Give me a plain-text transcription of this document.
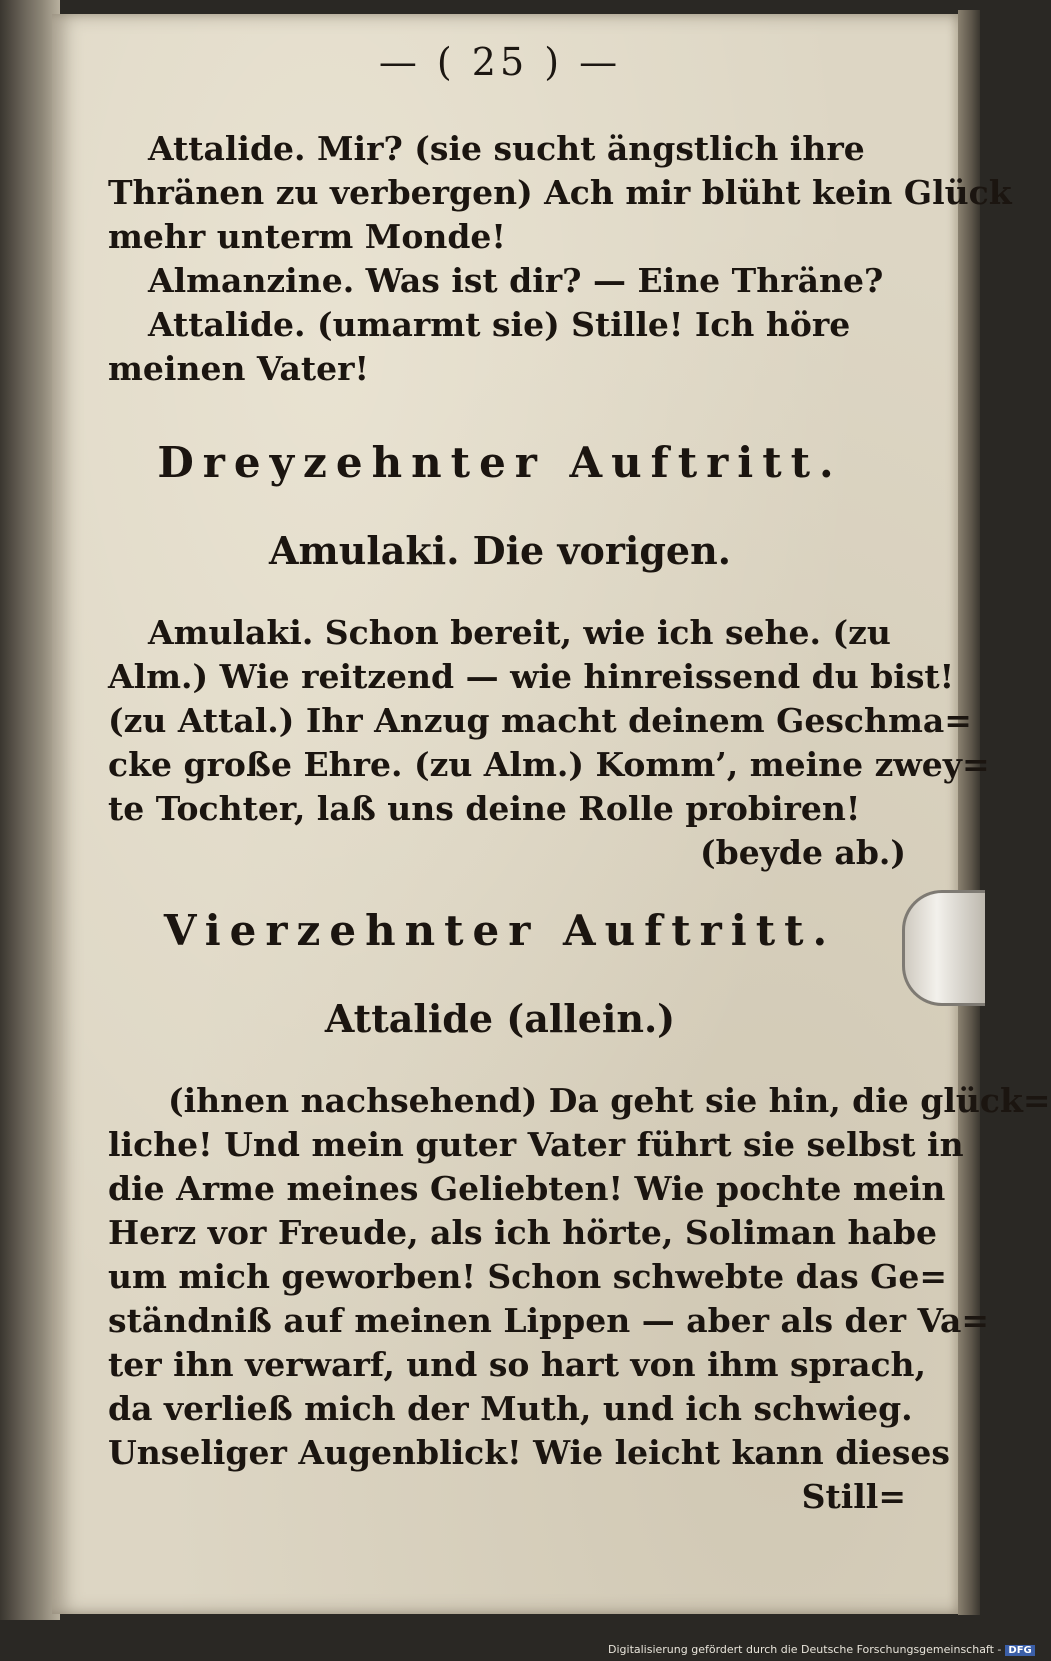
— ( 25 ) —
Attalide. Mir? (sie sucht ängstlich ihre
Thränen zu verbergen) Ach mir blüht kein Glück
mehr unterm Monde!
Almanzine. Was ist dir? — Eine Thräne?
Attalide. (umarmt sie) Stille! Ich höre
meinen Vater!
Dreyzehnter Auftritt.
Amulaki. Die vorigen.
Amulaki. Schon bereit, wie ich sehe. (zu
Alm.) Wie reitzend — wie hinreissend du bist!
(zu Attal.) Ihr Anzug macht deinem Geschma=
cke große Ehre. (zu Alm.) Komm’, meine zwey=
te Tochter, laß uns deine Rolle probiren!
(beyde ab.)
Vierzehnter Auftritt.
Attalide (allein.)
(ihnen nachsehend) Da geht sie hin, die glück=
liche! Und mein guter Vater führt sie selbst in
die Arme meines Geliebten! Wie pochte mein
Herz vor Freude, als ich hörte, Soliman habe
um mich geworben! Schon schwebte das Ge=
ständniß auf meinen Lippen — aber als der Va=
ter ihn verwarf, und so hart von ihm sprach,
da verließ mich der Muth, und ich schwieg.
Unseliger Augenblick! Wie leicht kann dieses
Still=
Digitalisierung gefördert durch die Deutsche Forschungsgemeinschaft - DFG
